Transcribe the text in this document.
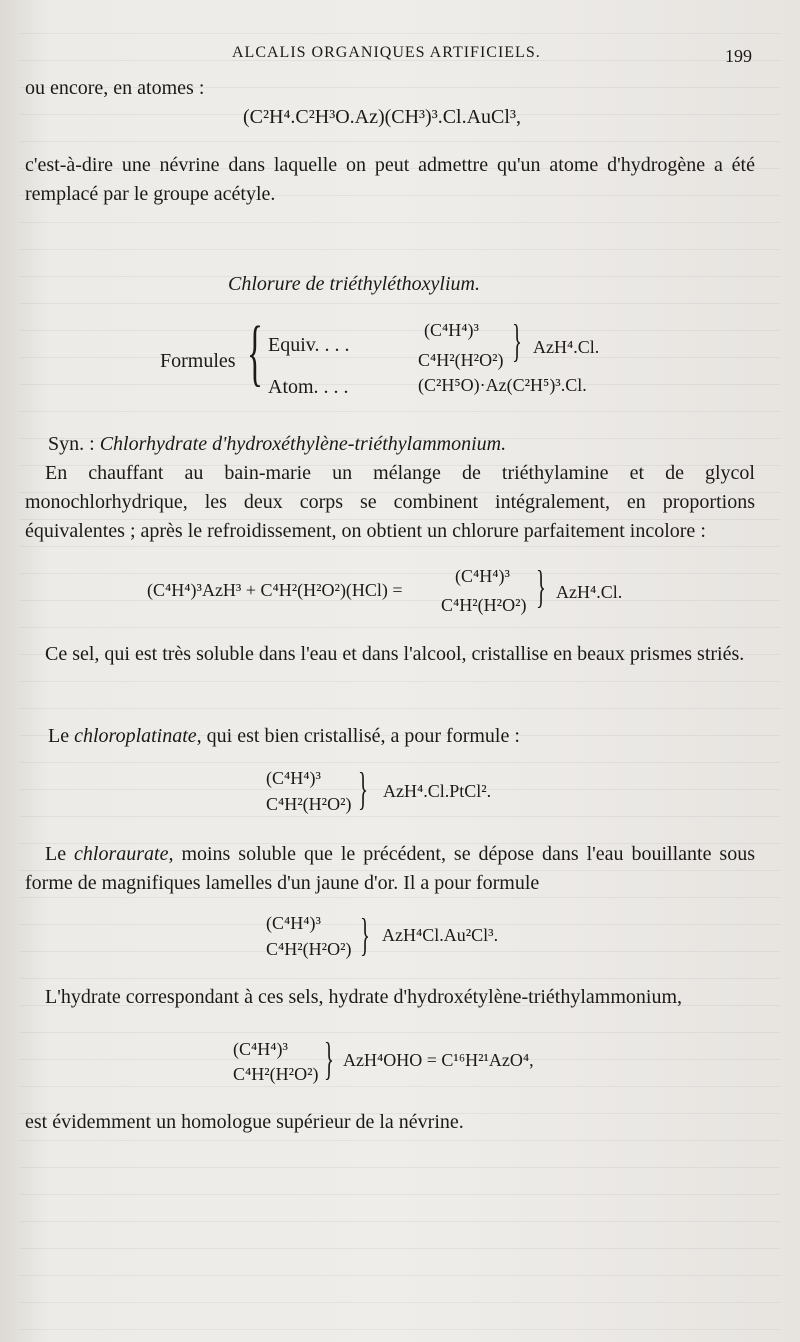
ALCALIS ORGANIQUES ARTIFICIELS.	199
ou encore, en atomes :
(C²H⁴.C²H³O.Az)(CH³)³.Cl.AuCl³,
c'est-à-dire une névrine dans laquelle on peut admettre qu'un atome d'hydrogène a été remplacé par le groupe acétyle.
Chlorure de triéthyléthoxylium.
Formules { Equiv. . . .
(C⁴H⁴)³
C⁴H²(H²O²) } AzH⁴.Cl.
Atom. . . .	(C²H⁵O)·Az(C²H⁵)³.Cl.
Syn. : Chlorhydrate d'hydroxéthylène-triéthylammonium.
En chauffant au bain-marie un mélange de triéthylamine et de glycol monochlorhydrique, les deux corps se combinent intégralement, en proportions équivalentes ; après le refroidissement, on obtient un chlorure parfaitement incolore :
(C⁴H⁴)³AzH³ + C⁴H²(H²O²)(HCl) =
(C⁴H⁴)³
C⁴H²(H²O²) } AzH⁴.Cl.
Ce sel, qui est très soluble dans l'eau et dans l'alcool, cristallise en beaux prismes striés.
Le chloroplatinate, qui est bien cristallisé, a pour formule :
(C⁴H⁴)³
C⁴H²(H²O²) } AzH⁴.Cl.PtCl².
Le chloraurate, moins soluble que le précédent, se dépose dans l'eau bouillante sous forme de magnifiques lamelles d'un jaune d'or. Il a pour formule
(C⁴H⁴)³
C⁴H²(H²O²) } AzH⁴Cl.Au²Cl³.
L'hydrate correspondant à ces sels, hydrate d'hydroxétylène-triéthylammonium,
(C⁴H⁴)³
C⁴H²(H²O²) } AzH⁴OHO = C¹⁶H²¹AzO⁴,
est évidemment un homologue supérieur de la névrine.
